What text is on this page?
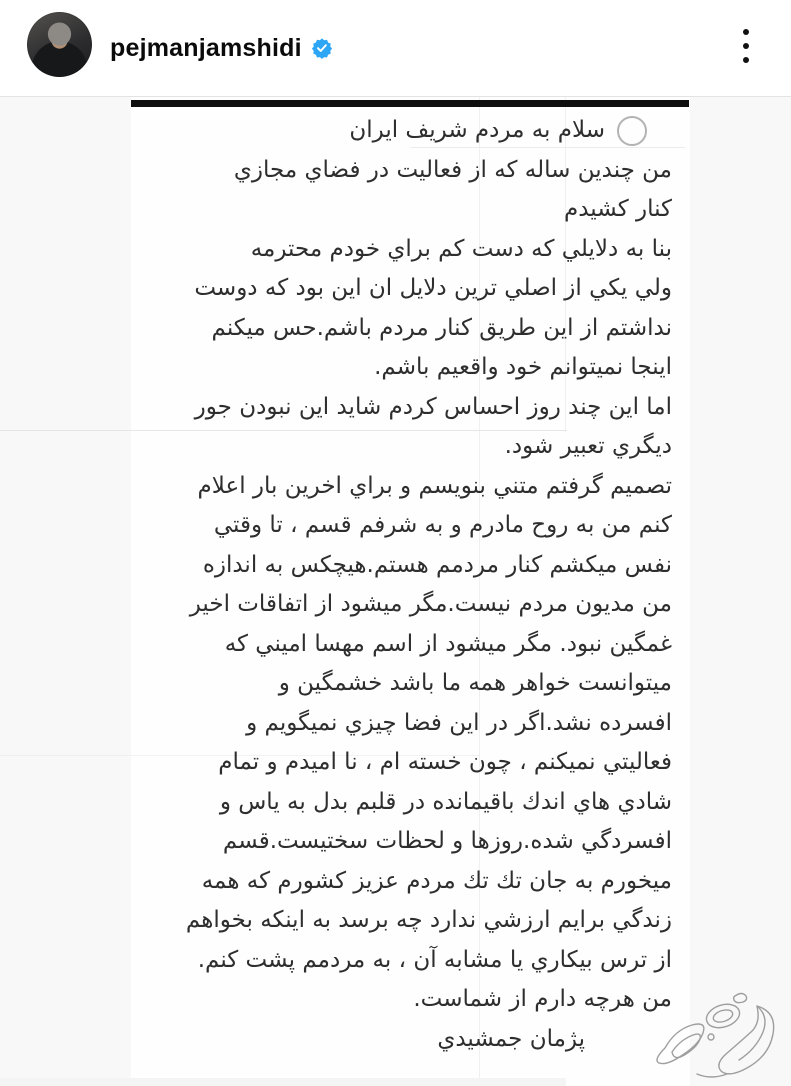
pejmanjamshidi
سلام به مردم شریف ایران
من چندین ساله که از فعالیت در فضاي مجازي
کنار کشیدم
بنا به دلایلي که دست کم براي خودم محترمه
ولي یکي از اصلي ترین دلایل ان این بود که دوست
نداشتم از این طریق کنار مردم باشم.حس میکنم
اینجا نمیتوانم خود واقعیم باشم.
اما این چند روز احساس کردم شاید این نبودن جور
دیگري تعبیر شود.
تصمیم گرفتم متني بنویسم و براي اخرین بار اعلام
کنم من به روح مادرم و به شرفم قسم ، تا وقتي
نفس میکشم کنار مردمم هستم.هیچکس به اندازه
من مدیون مردم نیست.مگر میشود از اتفاقات اخیر
غمگین نبود. مگر میشود از اسم مهسا امیني که
میتوانست خواهر همه ما باشد خشمگین و
افسرده نشد.اگر در این فضا چیزي نمیگویم و
فعالیتي نمیکنم ، چون خسته ام ، نا امیدم و تمام
شادي هاي اندك باقیمانده در قلبم بدل به یاس و
افسردگي شده.روزها و لحظات سختیست.قسم
میخورم به جان تك تك مردم عزیز کشورم که همه
زندگي برایم ارزشي ندارد چه برسد به اینکه بخواهم
از ترس بیکاري یا مشابه آن ، به مردمم پشت کنم.
من هرچه دارم از شماست.
پژمان جمشیدي
